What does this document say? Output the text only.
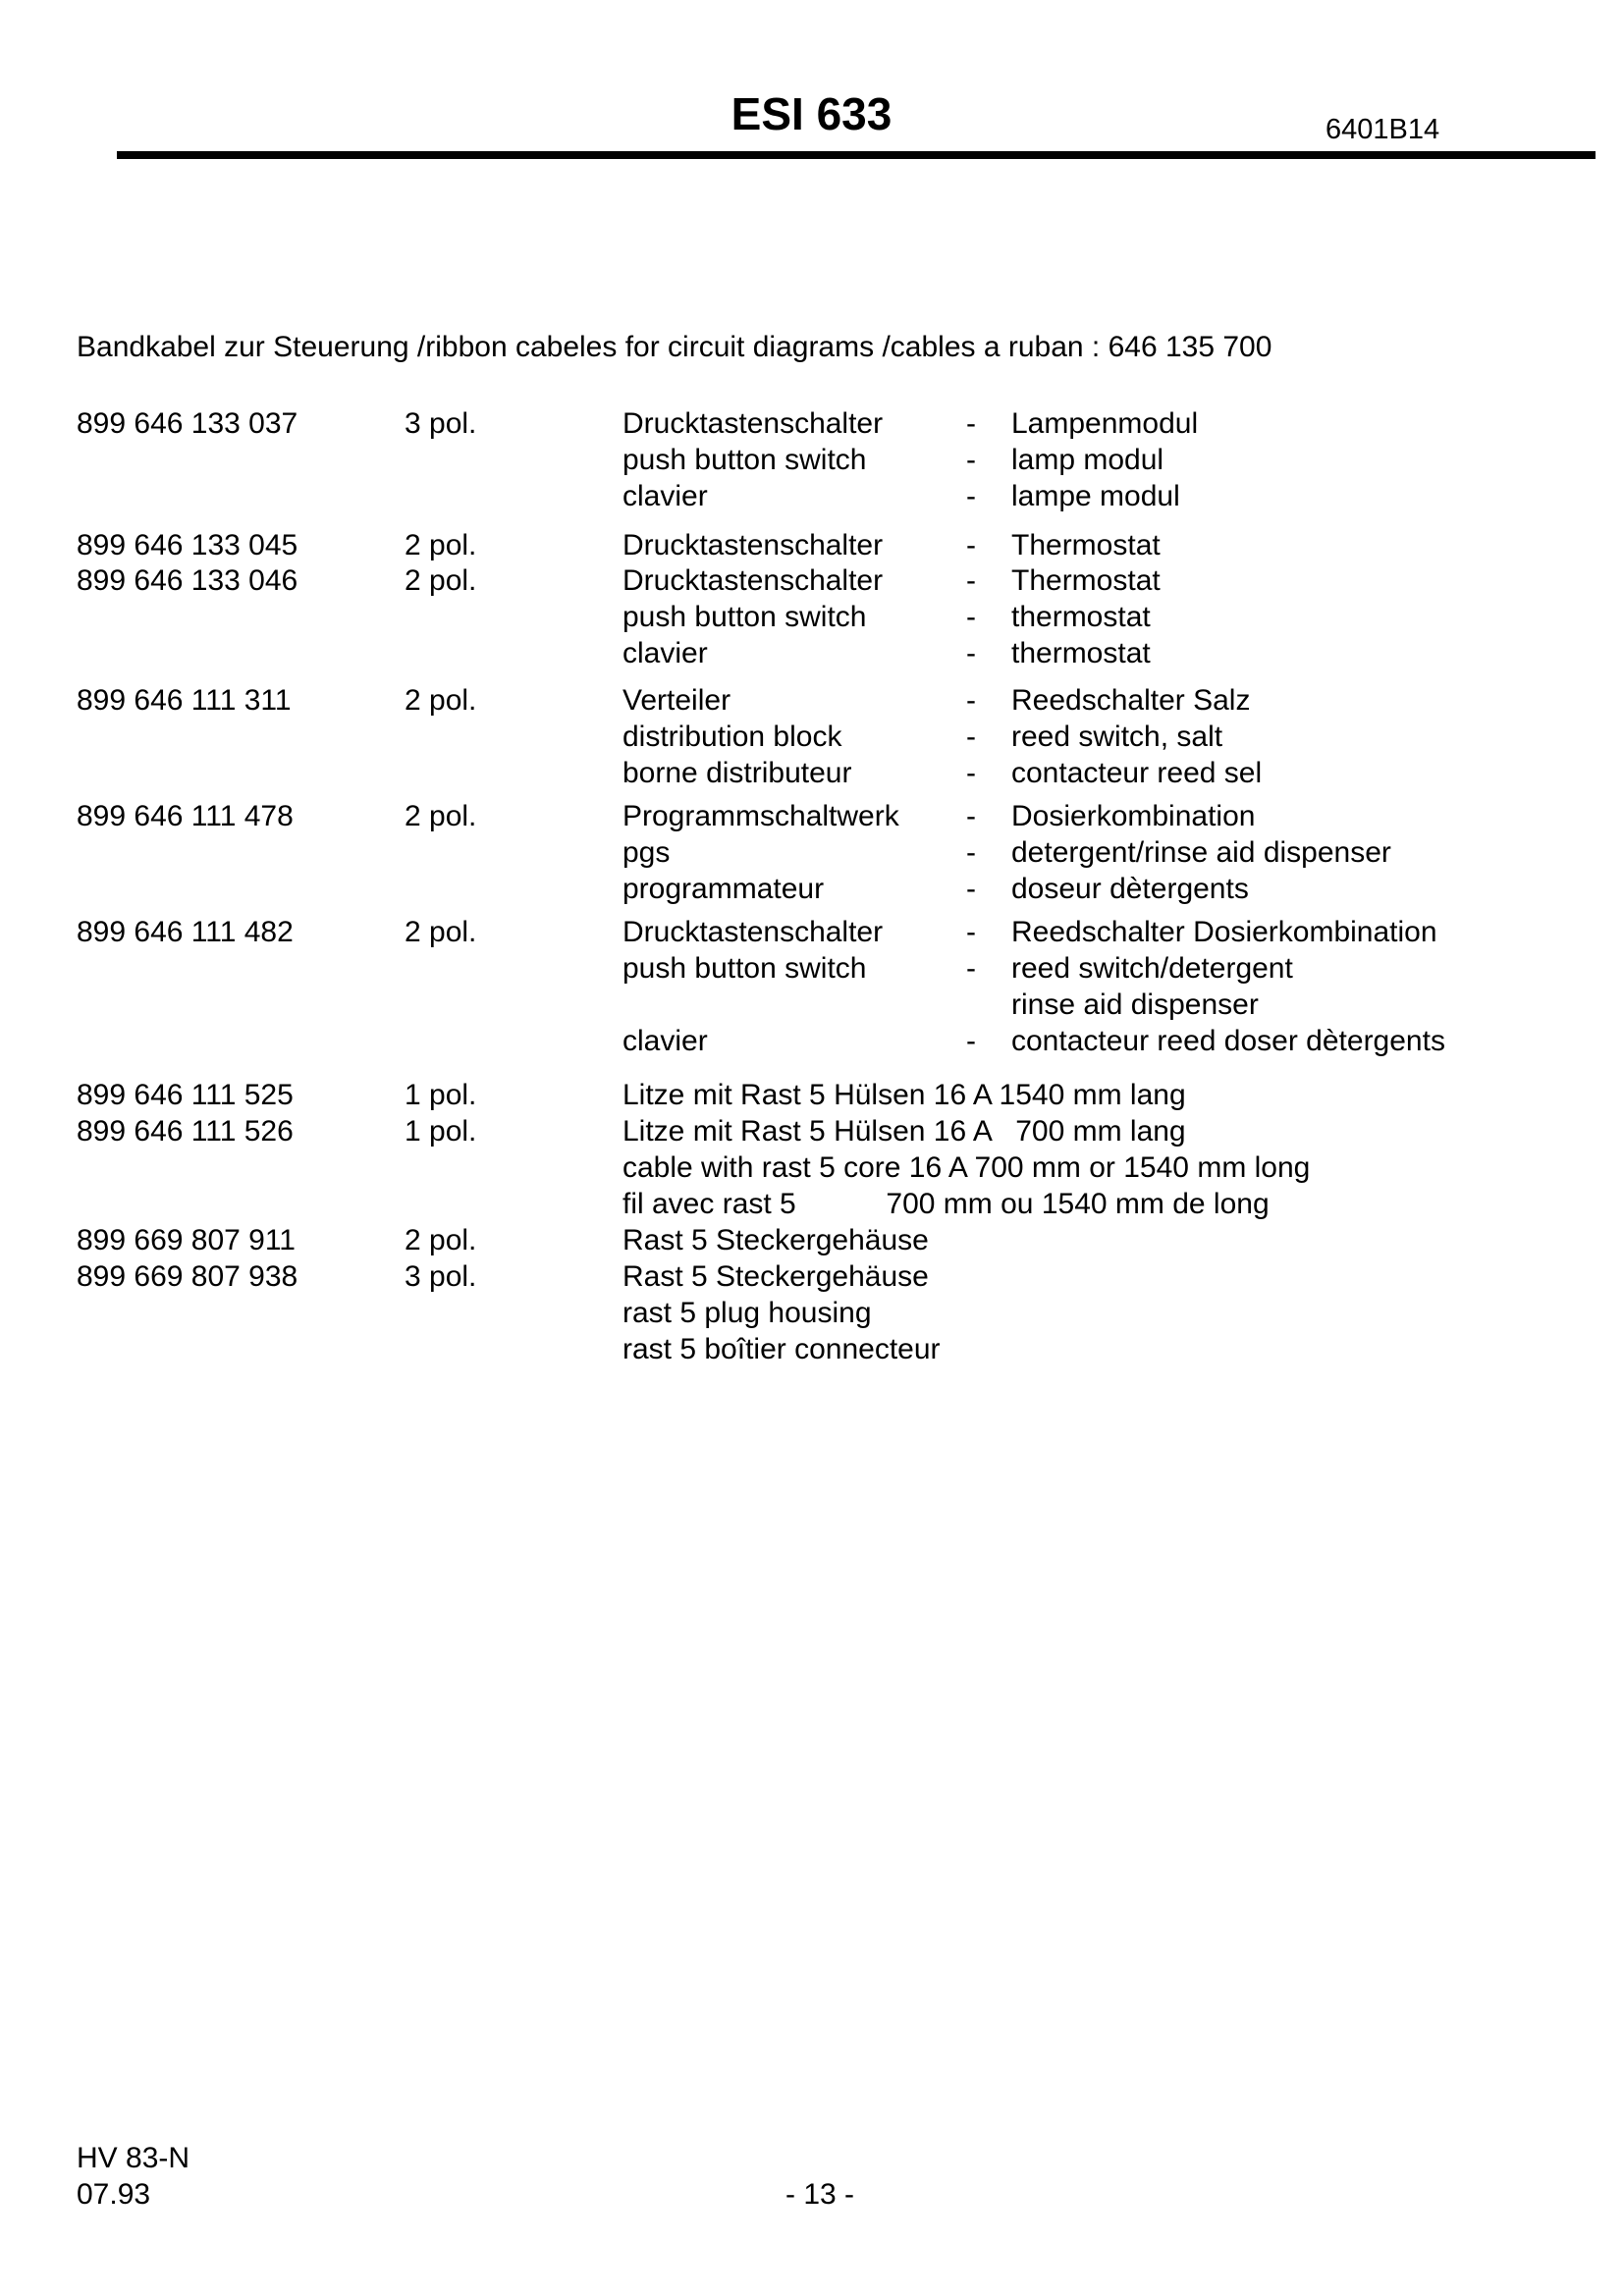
ESI 633	6401B14
Bandkabel zur Steuerung /ribbon cabeles for circuit diagrams /cables a ruban : 646 135 700
899 646 133 037	3 pol.	Drucktastenschalter	- Lampenmodul
push button switch	- lamp modul
clavier	- lampe modul
899 646 133 045	2 pol.	Drucktastenschalter	- Thermostat
899 646 133 046	2 pol.	Drucktastenschalter	- Thermostat
push button switch	- thermostat
clavier	- thermostat
899 646 111 311	2 pol.	Verteiler	- Reedschalter Salz
distribution block	- reed switch, salt
borne distributeur	- contacteur reed sel
899 646 111 478	2 pol.	Programmschaltwerk - Dosierkombination
pgs	- detergent/rinse aid dispenser
programmateur	- doseur dètergents
899 646 111 482	2 pol.	Drucktastenschalter	- Reedschalter Dosierkombination
push button switch	- reed switch/detergent
rinse aid dispenser
clavier	- contacteur reed doser dètergents
899 646 111 525	1 pol.	Litze mit Rast 5 Hülsen 16 A 1540 mm lang
899 646 111 526	1 pol.	Litze mit Rast 5 Hülsen 16 A   700 mm lang
cable with rast 5 core 16 A 700 mm or 1540 mm long
fil avec rast 5           700 mm ou 1540 mm de long
899 669 807 911	2 pol.	Rast 5 Steckergehäuse
899 669 807 938	3 pol.	Rast 5 Steckergehäuse
rast 5 plug housing
rast 5 boîtier connecteur
HV 83-N
07.93	- 13 -
